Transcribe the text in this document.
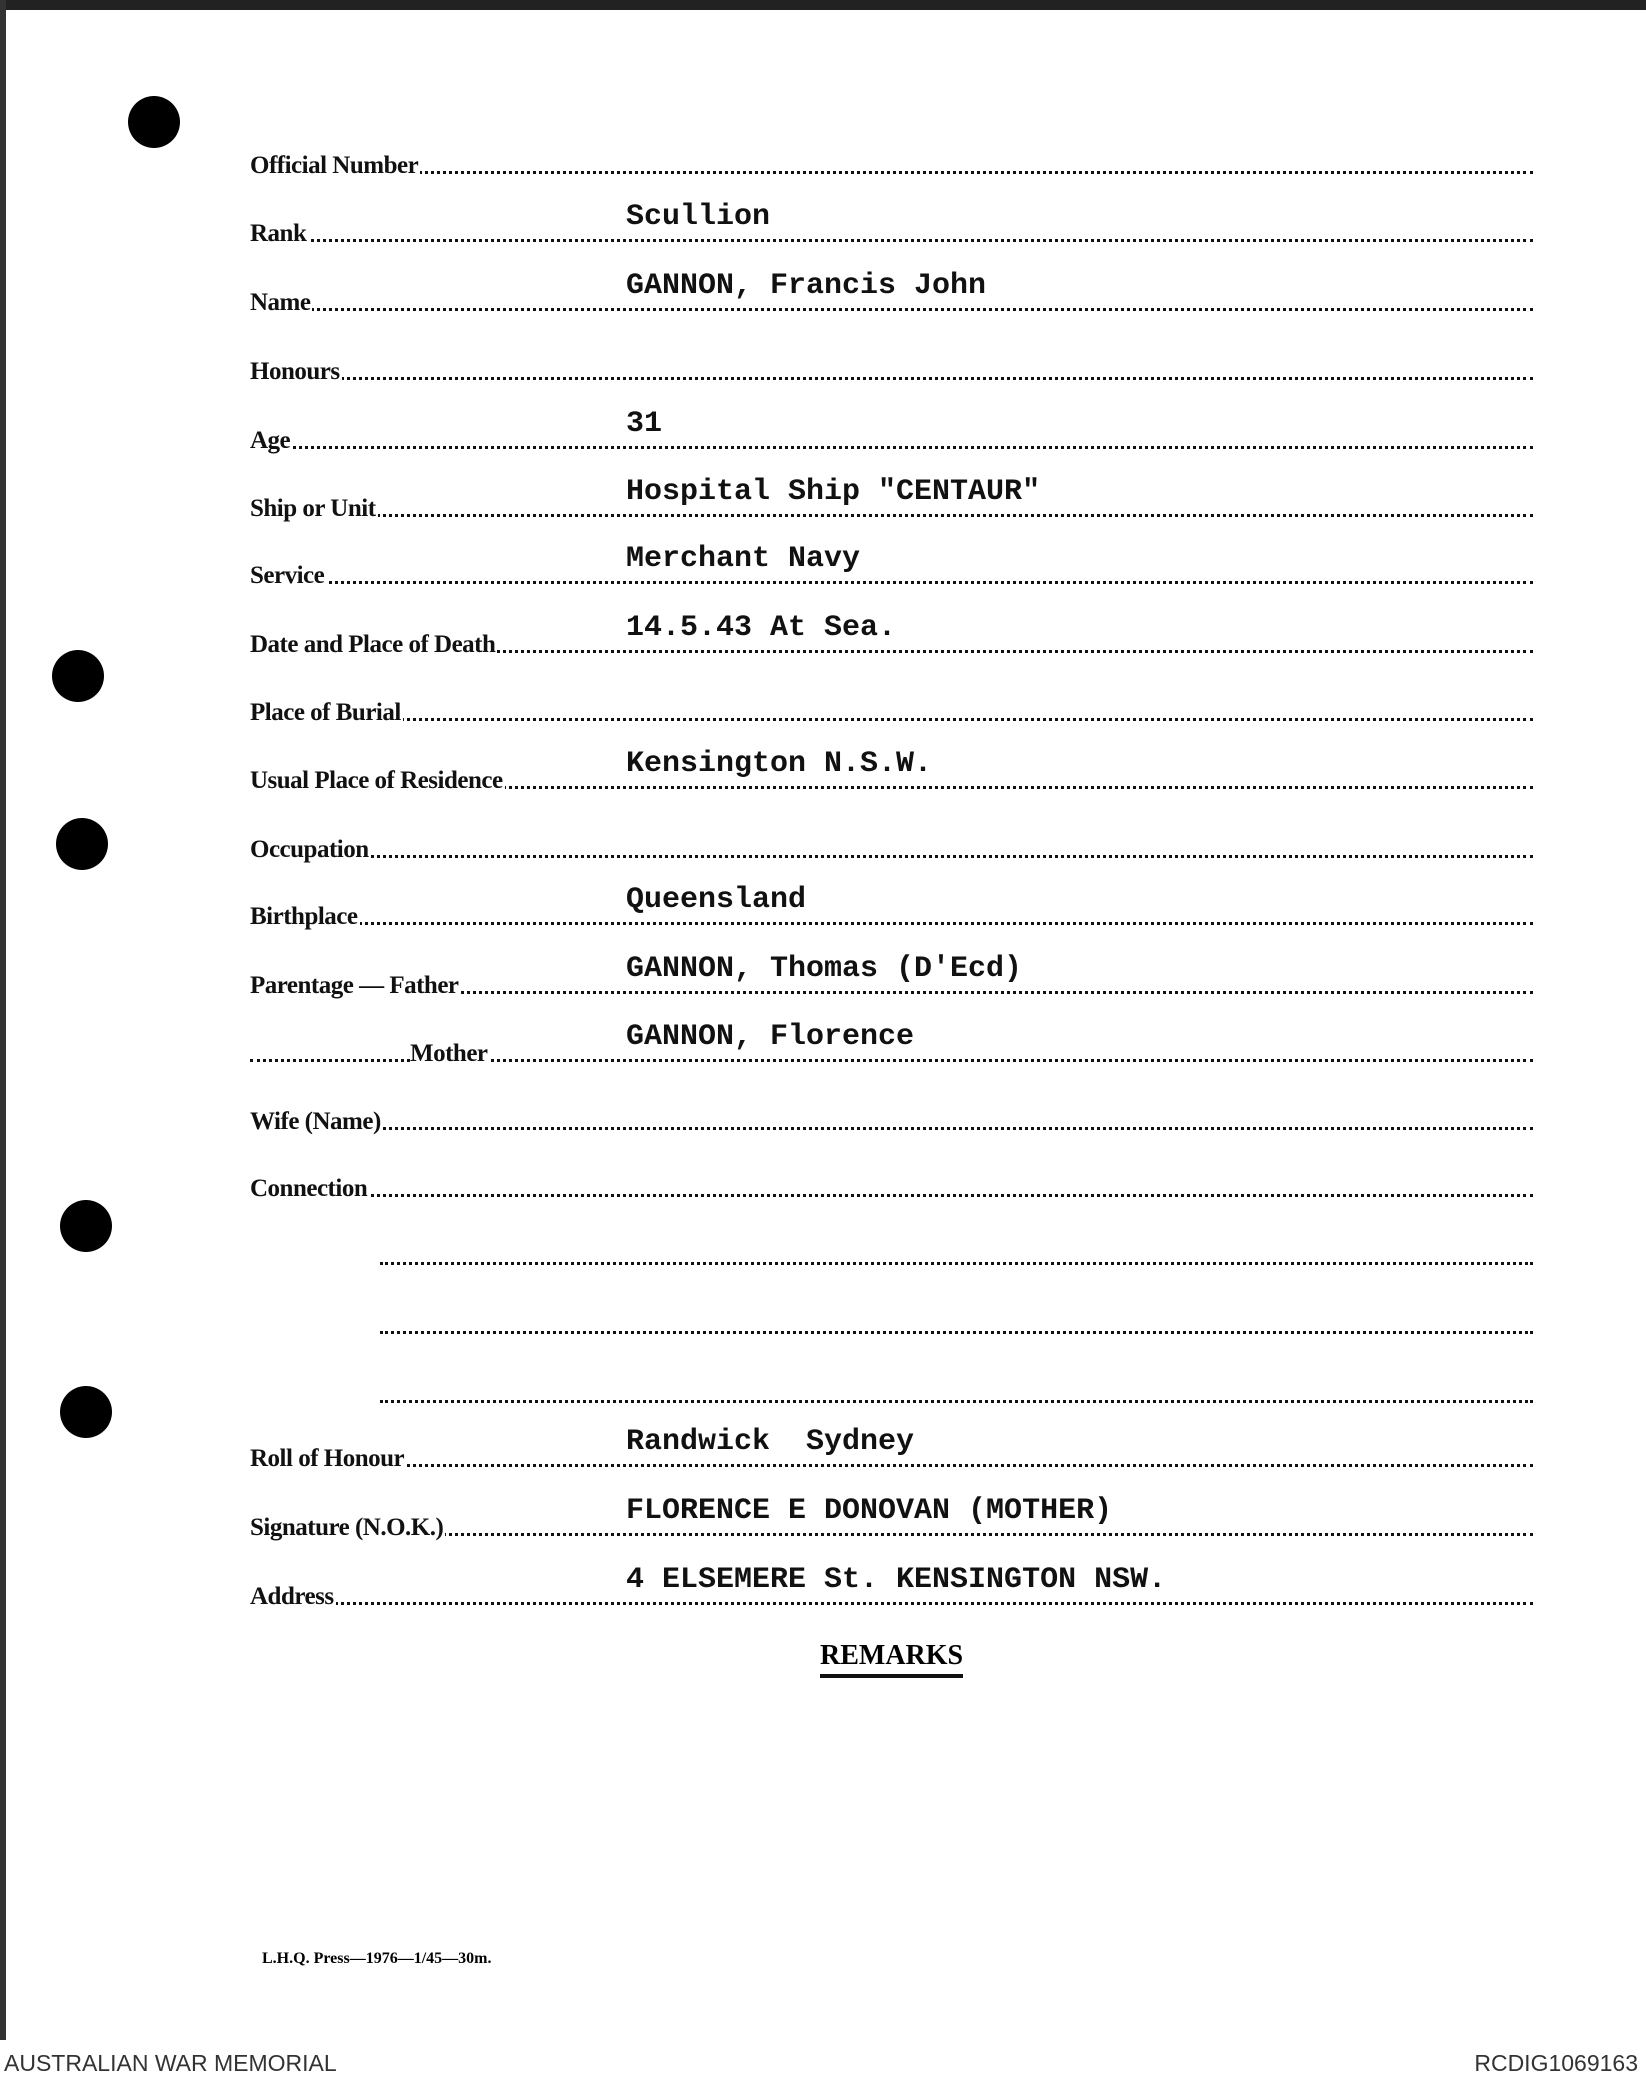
Official Number
Rank	Scullion
Name	GANNON, Francis John
Honours
Age	31
Ship or Unit	Hospital Ship "CENTAUR"
Service	Merchant Navy
Date and Place of Death	14.5.43 At Sea.
Place of Burial
Usual Place of Residence	Kensington N.S.W.
Occupation
Birthplace	Queensland
Parentage — Father	GANNON, Thomas (D'Ecd)
Mother	GANNON, Florence
Wife (Name)
Connection
Roll of Honour	Randwick  Sydney
Signature (N.O.K.)	FLORENCE E DONOVAN (MOTHER)
Address	4 ELSEMERE St. KENSINGTON NSW.
REMARKS
L.H.Q. Press—1976—1/45—30m.
AUSTRALIAN WAR MEMORIAL	RCDIG1069163
